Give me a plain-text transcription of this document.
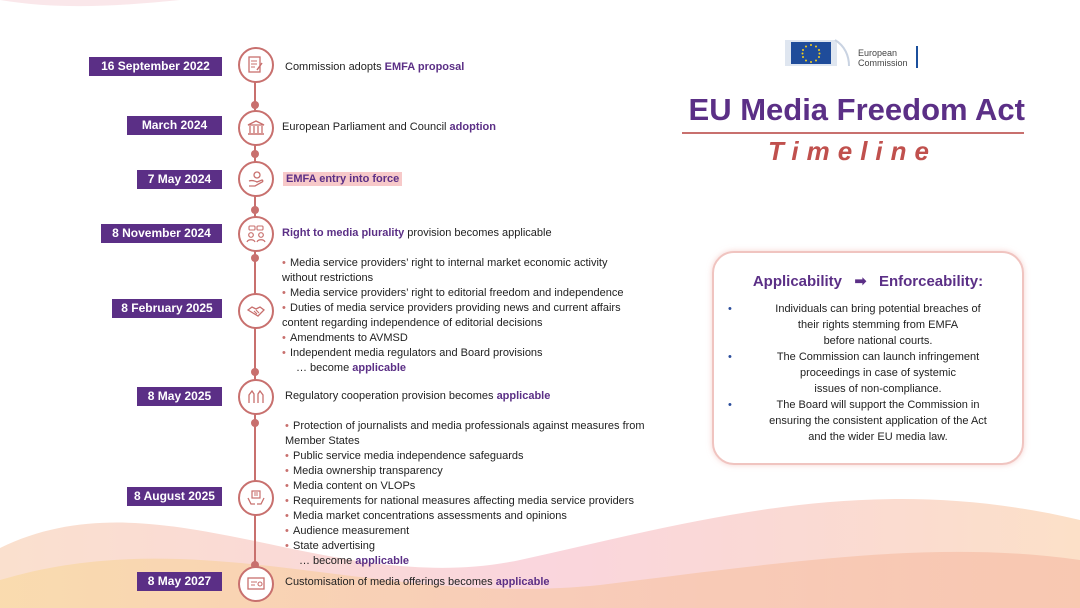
16 September 2022	Commission adopts EMFA proposal
March 2024	European Parliament and Council adoption
7 May 2024	EMFA entry into force
8 November 2024	Right to media plurality provision becomes applicable
8 February 2025
• Media service providers’ right to internal market economic activity
without restrictions
• Media service providers’ right to editorial freedom and independence
• Duties of media service providers providing news and current affairs
content regarding independence of editorial decisions
• Amendments to AVMSD
• Independent media regulators and Board provisions
… become applicable
8 May 2025	Regulatory cooperation provision becomes applicable
8 August 2025
• Protection of journalists and media professionals against measures from
Member States
• Public service media independence safeguards
• Media ownership transparency
• Media content on VLOPs
• Requirements for national measures affecting media service providers
• Media market concentrations assessments and opinions
• Audience measurement
• State advertising
… become applicable
8 May 2027	Customisation of media offerings becomes applicable
European
Commission
EU Media Freedom Act
Timeline
Applicability ➡ Enforceability:
• Individuals can bring potential breaches of
their rights stemming from EMFA
before national courts.
• The Commission can launch infringement
proceedings in case of systemic
issues of non-compliance.
• The Board will support the Commission in
ensuring the consistent application of the Act
and the wider EU media law.
